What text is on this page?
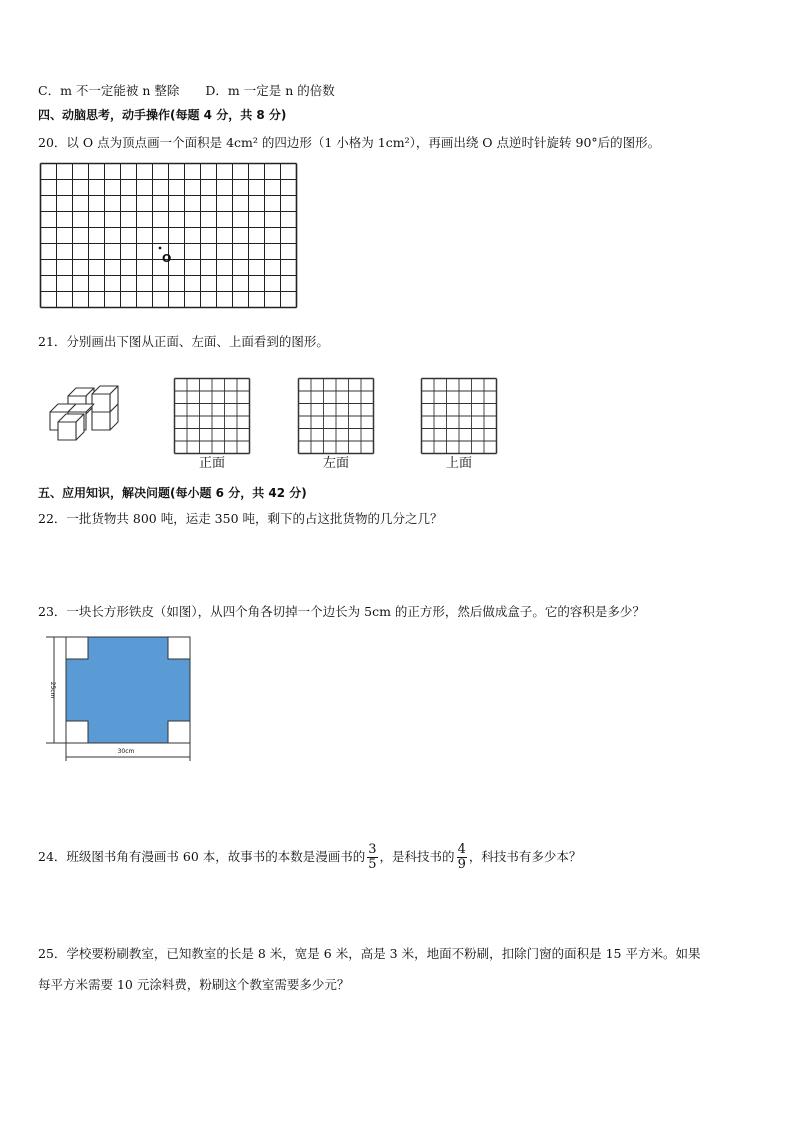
C．m 不一定能被 n 整除 D．m 一定是 n 的倍数
四、动脑思考，动手操作(每题 4 分，共 8 分)
20．以 O 点为顶点画一个面积是 4cm² 的四边形（1 小格为 1cm²），再画出绕 O 点逆时针旋转 90°后的图形。
O
21．分别画出下图从正面、左面、上面看到的图形。
正面	左面	上面
五、应用知识，解决问题(每小题 6 分，共 42 分)
22．一批货物共 800 吨，运走 350 吨，剩下的占这批货物的几分之几？
23．一块长方形铁皮（如图），从四个角各切掉一个边长为 5cm 的正方形，然后做成盒子。它的容积是多少？
25cm
30cm
24．班级图书角有漫画书 60 本，故事书的本数是漫画书的 $\frac{3}{5}$ ，是科技书的 $\frac{4}{9}$ ，科技书有多少本？
25．学校要粉刷教室，已知教室的长是 8 米，宽是 6 米，高是 3 米，地面不粉刷，扣除门窗的面积是 15 平方米。如果
每平方米需要 10 元涂料费，粉刷这个教室需要多少元？
